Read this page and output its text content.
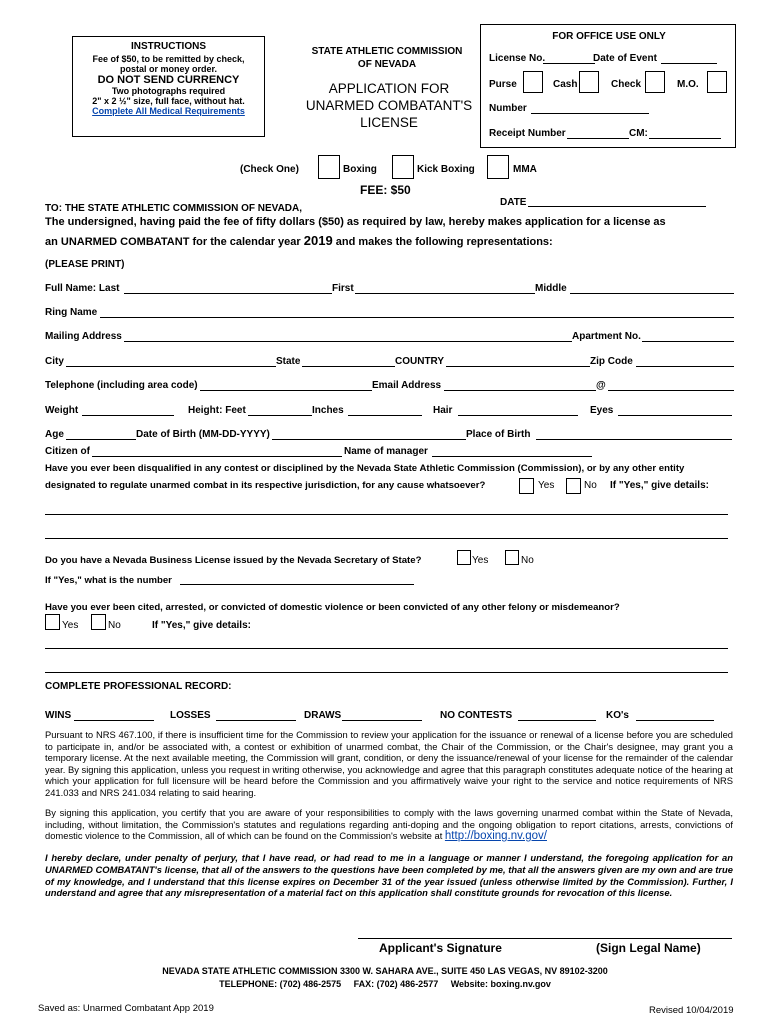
INSTRUCTIONS
Fee of $50, to be remitted by check,
postal or money order.
DO NOT SEND CURRENCY
Two photographs required
2" x 2 ½" size, full face, without hat.
Complete All Medical Requirements
STATE ATHLETIC COMMISSION
OF NEVADA
APPLICATION FOR
UNARMED COMBATANT'S
LICENSE
FOR OFFICE USE ONLY
License No.	Date of Event
Purse	Cash	Check	M.O.
Number
Receipt Number	CM:
(Check One)	Boxing	Kick Boxing	MMA
FEE: $50
DATE
TO: THE STATE ATHLETIC COMMISSION OF NEVADA,
The undersigned, having paid the fee of fifty dollars ($50) as required by law, hereby makes application for a license as
an UNARMED COMBATANT for the calendar year 2019 and makes the following representations:
(PLEASE PRINT)
Full Name: Last	First	Middle
Ring Name
Mailing Address	Apartment No.
City	State	COUNTRY	Zip Code
Telephone (including area code)	Email Address	@
Weight	Height: Feet	Inches	Hair	Eyes
Age	Date of Birth (MM-DD-YYYY)	Place of Birth
Citizen of	Name of manager
Have you ever been disqualified in any contest or disciplined by the Nevada State Athletic Commission (Commission), or by any other entity
designated to regulate unarmed combat in its respective jurisdiction, for any cause whatsoever?	Yes	No If "Yes," give details:
Do you have a Nevada Business License issued by the Nevada Secretary of State?	Yes	No
If "Yes," what is the number
Have you ever been cited, arrested, or convicted of domestic violence or been convicted of any other felony or misdemeanor?
Yes	No	If "Yes," give details:
COMPLETE PROFESSIONAL RECORD:
WINS	LOSSES	DRAWS	NO CONTESTS	KO's
Pursuant to NRS 467.100, if there is insufficient time for the Commission to review your application for the issuance or renewal of a license before you are scheduled to participate in, and/or be associated with, a contest or exhibition of unarmed combat, the Chair of the Commission, or the Chair's designee, may grant you a temporary license. At the next available meeting, the Commission will grant, condition, or deny the issuance/renewal of your license for the remainder of the calendar year. By signing this application, unless you request in writing otherwise, you acknowledge and agree that this paragraph constitutes adequate notice of the hearing at which your application for full licensure will be heard before the Commission and you affirmatively waive your right to the service and notice requirements of NRS 241.033 and NRS 241.034 relating to said hearing.
By signing this application, you certify that you are aware of your responsibilities to comply with the laws governing unarmed combat within the State of Nevada, including, without limitation, the Commission's statutes and regulations regarding anti-doping and the ongoing obligation to report citations, arrests, convictions of domestic violence to the Commission, all of which can be found on the Commission's website at http://boxing.nv.gov/
I hereby declare, under penalty of perjury, that I have read, or had read to me in a language or manner I understand, the foregoing application for an UNARMED COMBATANT's license, that all of the answers to the questions have been completed by me, that all the answers given are my own and are true of my knowledge, and I understand that this license expires on December 31 of the year issued (unless otherwise limited by the Commission). Further, I understand and agree that any misrepresentation of a material fact on this application shall constitute grounds for revocation of this license.
Applicant's Signature	(Sign Legal Name)
NEVADA STATE ATHLETIC COMMISSION 3300 W. SAHARA AVE., SUITE 450 LAS VEGAS, NV 89102-3200
TELEPHONE: (702) 486-2575     FAX: (702) 486-2577     Website: boxing.nv.gov
Saved as: Unarmed Combatant App 2019	Revised 10/04/2019
